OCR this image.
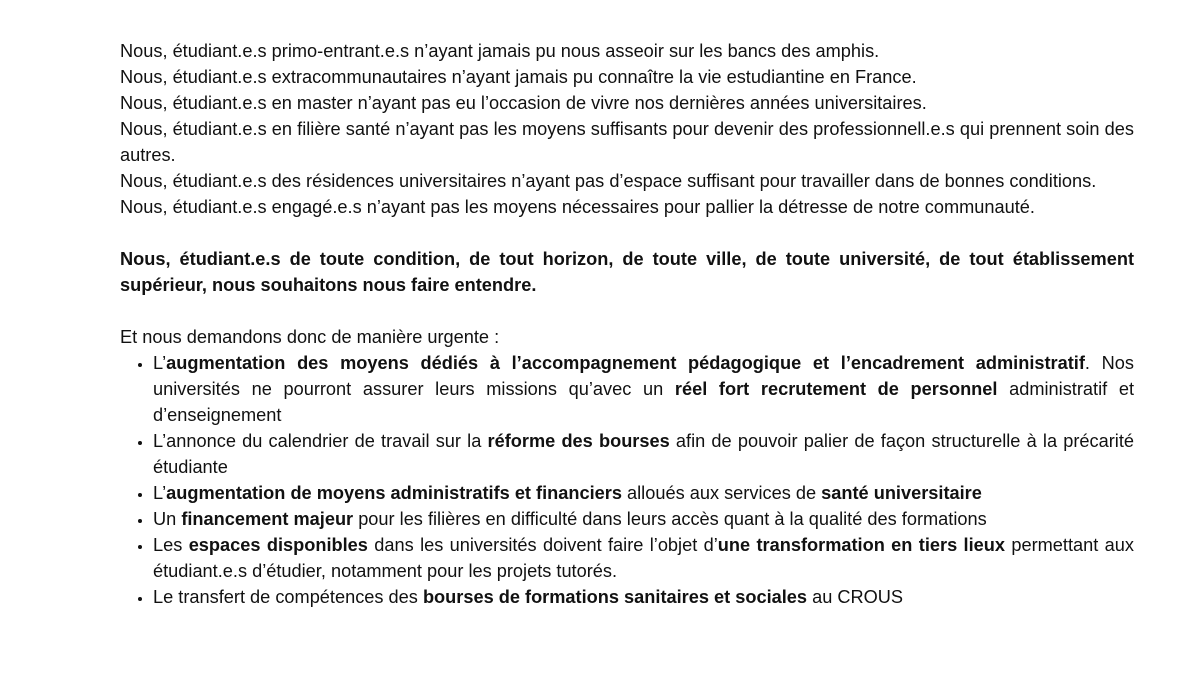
Nous, étudiant.e.s primo-entrant.e.s n’ayant jamais pu nous asseoir sur les bancs des amphis.

Nous, étudiant.e.s extracommunautaires n’ayant jamais pu connaître la vie estudiantine en France.

Nous, étudiant.e.s en master n’ayant pas eu l’occasion de vivre nos dernières années universitaires.

Nous, étudiant.e.s en filière santé n’ayant pas les moyens suffisants pour devenir des professionnell.e.s qui prennent soin des autres.

Nous, étudiant.e.s des résidences universitaires n’ayant pas d’espace suffisant pour travailler dans de bonnes conditions.

Nous, étudiant.e.s engagé.e.s n’ayant pas les moyens nécessaires pour pallier la détresse de notre communauté.

Nous, étudiant.e.s de toute condition, de tout horizon, de toute ville, de toute université, de tout établissement supérieur, nous souhaitons nous faire entendre.

Et nous demandons donc de manière urgente :

• L’augmentation des moyens dédiés à l’accompagnement pédagogique et l’encadrement administratif. Nos universités ne pourront assurer leurs missions qu’avec un réel fort recrutement de personnel administratif et d’enseignement
• L’annonce du calendrier de travail sur la réforme des bourses afin de pouvoir palier de façon structurelle à la précarité étudiante
• L’augmentation de moyens administratifs et financiers alloués aux services de santé universitaire
• Un financement majeur pour les filières en difficulté dans leurs accès quant à la qualité des formations
• Les espaces disponibles dans les universités doivent faire l’objet d’une transformation en tiers lieux permettant aux étudiant.e.s d’étudier, notamment pour les projets tutorés.
• Le transfert de compétences des bourses de formations sanitaires et sociales au CROUS
